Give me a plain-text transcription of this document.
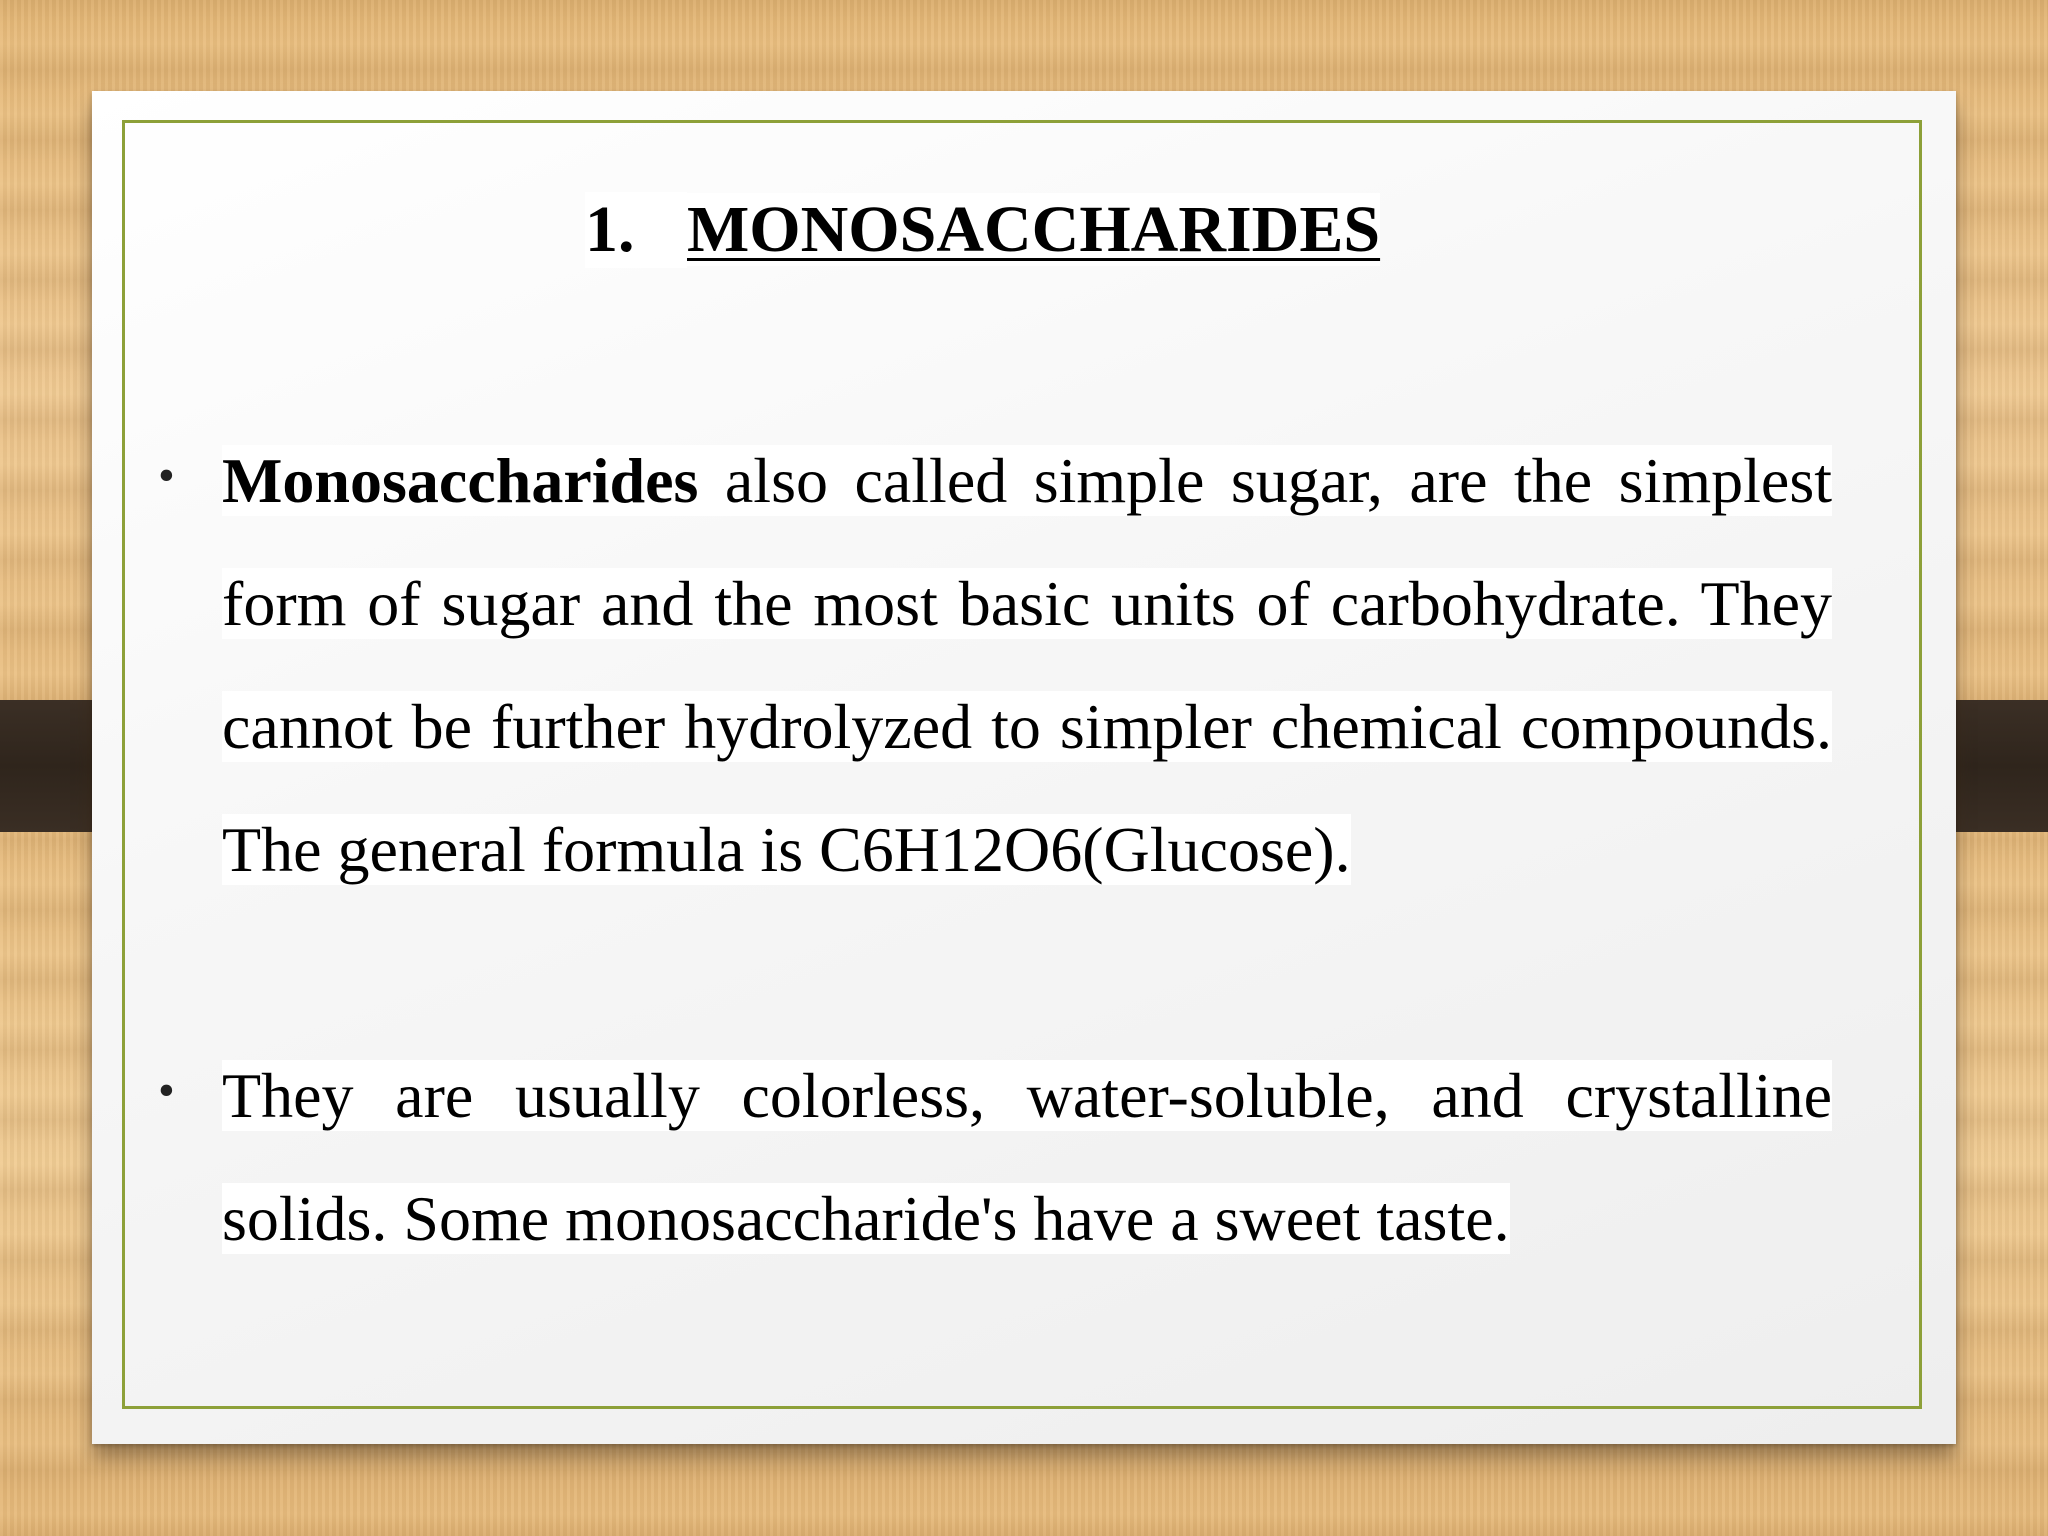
1. MONOSACCHARIDES
• Monosaccharides also called simple sugar, are the simplest form of sugar and the most basic units of carbohydrate. They cannot be further hydrolyzed to simpler chemical compounds. The general formula is C6H12O6(Glucose).

• They are usually colorless, water-soluble, and crystalline solids. Some monosaccharide's have a sweet taste.
